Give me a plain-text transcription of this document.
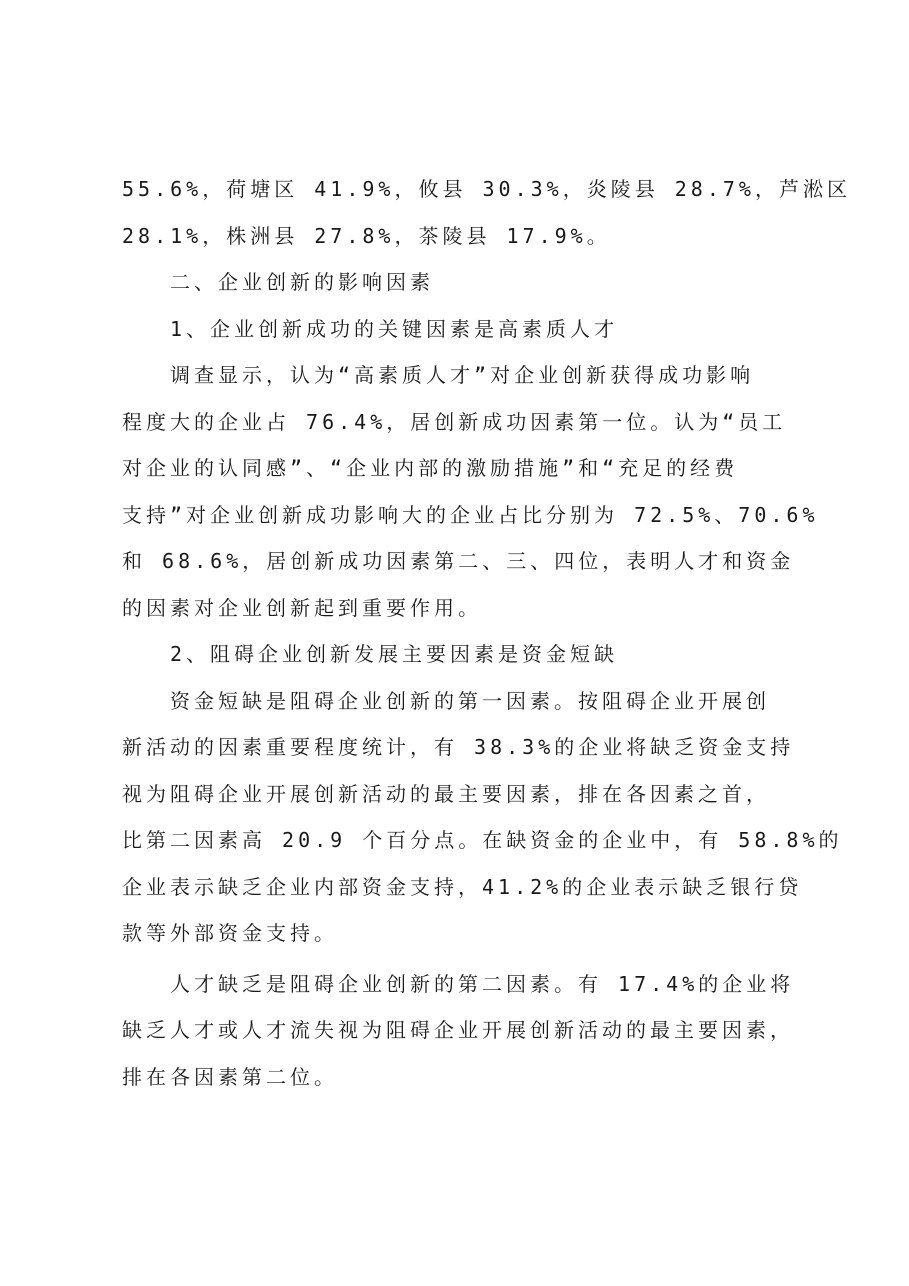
55.6%，荷塘区 41.9%，攸县 30.3%，炎陵县 28.7%，芦淞区
28.1%，株洲县 27.8%，茶陵县 17.9%。
二、企业创新的影响因素
1、企业创新成功的关键因素是高素质人才
调查显示，认为“高素质人才”对企业创新获得成功影响
程度大的企业占 76.4%，居创新成功因素第一位。认为“员工
对企业的认同感”、“企业内部的激励措施”和“充足的经费
支持”对企业创新成功影响大的企业占比分别为 72.5%、70.6%
和 68.6%，居创新成功因素第二、三、四位，表明人才和资金
的因素对企业创新起到重要作用。
2、阻碍企业创新发展主要因素是资金短缺
资金短缺是阻碍企业创新的第一因素。按阻碍企业开展创
新活动的因素重要程度统计，有 38.3%的企业将缺乏资金支持
视为阻碍企业开展创新活动的最主要因素，排在各因素之首，
比第二因素高 20.9 个百分点。在缺资金的企业中，有 58.8%的
企业表示缺乏企业内部资金支持，41.2%的企业表示缺乏银行贷
款等外部资金支持。
人才缺乏是阻碍企业创新的第二因素。有 17.4%的企业将
缺乏人才或人才流失视为阻碍企业开展创新活动的最主要因素，
排在各因素第二位。
